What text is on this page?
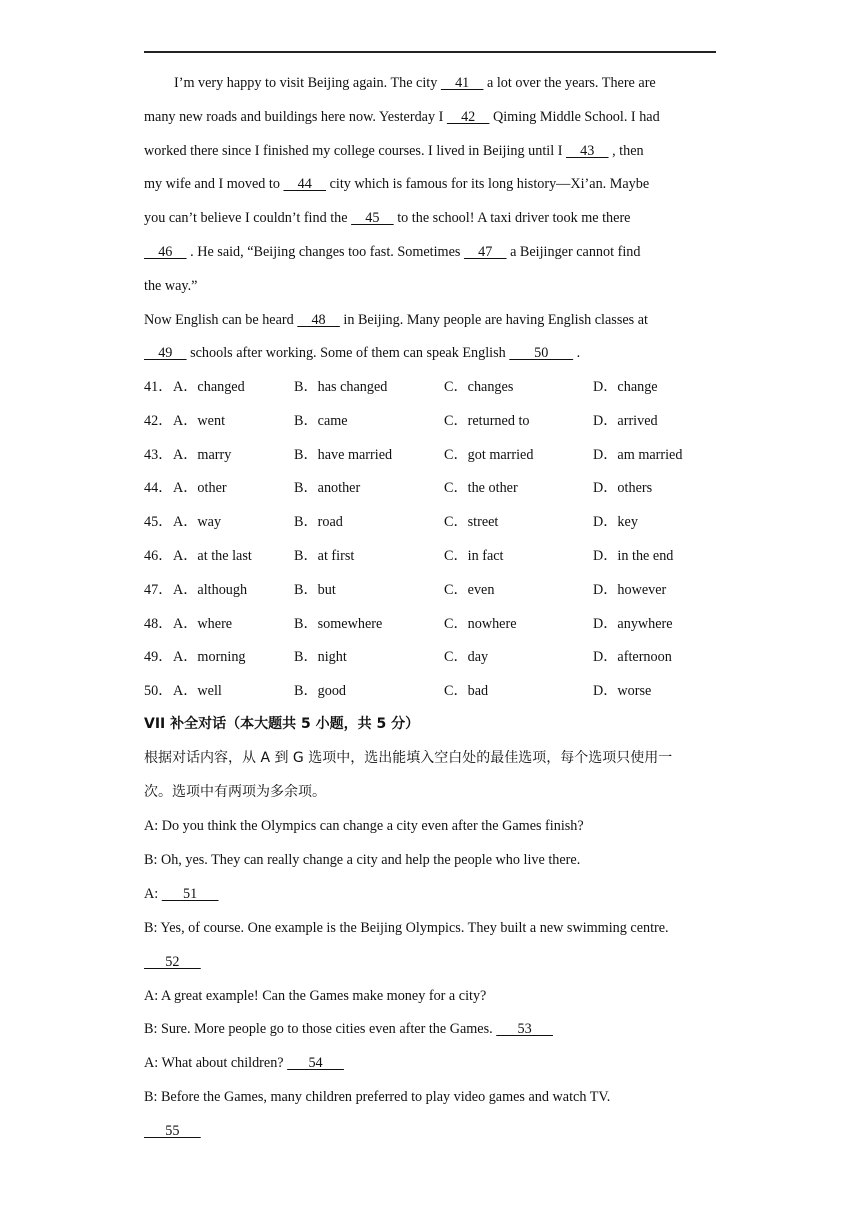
I’m very happy to visit Beijing again. The city     41     a lot over the years. There are
many new roads and buildings here now. Yesterday I     42     Qiming Middle School. I had
worked there since I finished my college courses. I lived in Beijing until I     43     , then
my wife and I moved to     44     city which is famous for its long history—Xi’an. Maybe
you can’t believe I couldn’t find the     45     to the school! A taxi driver took me there
46     . He said, “Beijing changes too fast. Sometimes     47     a Beijinger cannot find
the way.”
Now English can be heard     48     in Beijing. Many people are having English classes at
49     schools after working. Some of them can speak English        50        .
41． A．changed	B．has changed	C．changes	D．change
42． A．went	B．came	C．returned to	D．arrived
43． A．marry	B．have married	C．got married	D．am married
44． A．other	B．another	C．the other	D．others
45． A．way	B．road	C．street	D．key
46． A．at the last	B．at first	C．in fact	D．in the end
47． A．although	B．but	C．even	D．however
48． A．where	B．somewhere	C．nowhere	D．anywhere
49． A．morning	B．night	C．day	D．afternoon
50． A．well	B．good	C．bad	D．worse
VII 补全对话（本大题共 5 小题，共 5 分）
根据对话内容，从 A 到 G 选项中，选出能填入空白处的最佳选项，每个选项只使用一
次。选项中有两项为多余项。
A: Do you think the Olympics can change a city even after the Games finish?
B: Oh, yes. They can really change a city and help the people who live there.
A:       51
B: Yes, of course. One example is the Beijing Olympics. They built a new swimming centre.
52
A: A great example! Can the Games make money for a city?
B: Sure. More people go to those cities even after the Games.       53
A: What about children?       54
B: Before the Games, many children preferred to play video games and watch TV.
55
